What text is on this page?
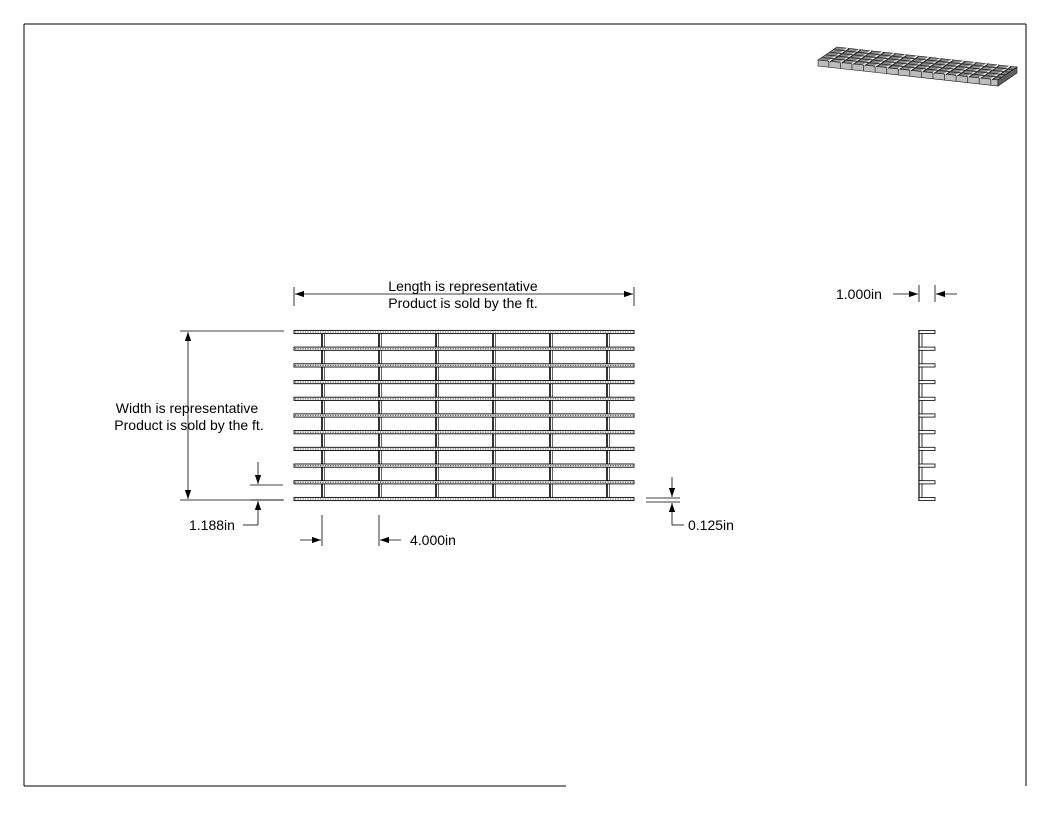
Length is representative
Product is sold by the ft.
Width is representative
Product is sold by the ft.
1.188in
4.000in
0.125in
1.000in
